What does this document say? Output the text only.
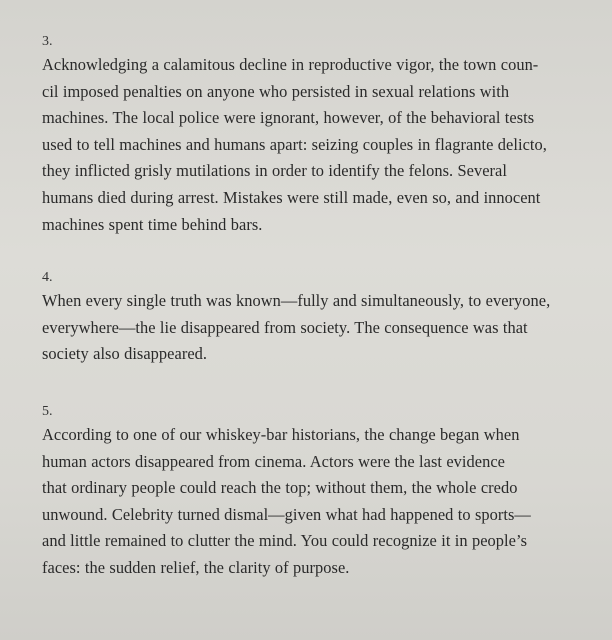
3.

Acknowledging a calamitous decline in reproductive vigor, the town coun-
cil imposed penalties on anyone who persisted in sexual relations with
machines. The local police were ignorant, however, of the behavioral tests
used to tell machines and humans apart: seizing couples in flagrante delicto,
they inflicted grisly mutilations in order to identify the felons. Several
humans died during arrest. Mistakes were still made, even so, and innocent
machines spent time behind bars.

4.

When every single truth was known—fully and simultaneously, to everyone,
everywhere—the lie disappeared from society. The consequence was that
society also disappeared.

5.

According to one of our whiskey-bar historians, the change began when
human actors disappeared from cinema. Actors were the last evidence
that ordinary people could reach the top; without them, the whole credo
unwound. Celebrity turned dismal—given what had happened to sports—
and little remained to clutter the mind. You could recognize it in people’s
faces: the sudden relief, the clarity of purpose.
